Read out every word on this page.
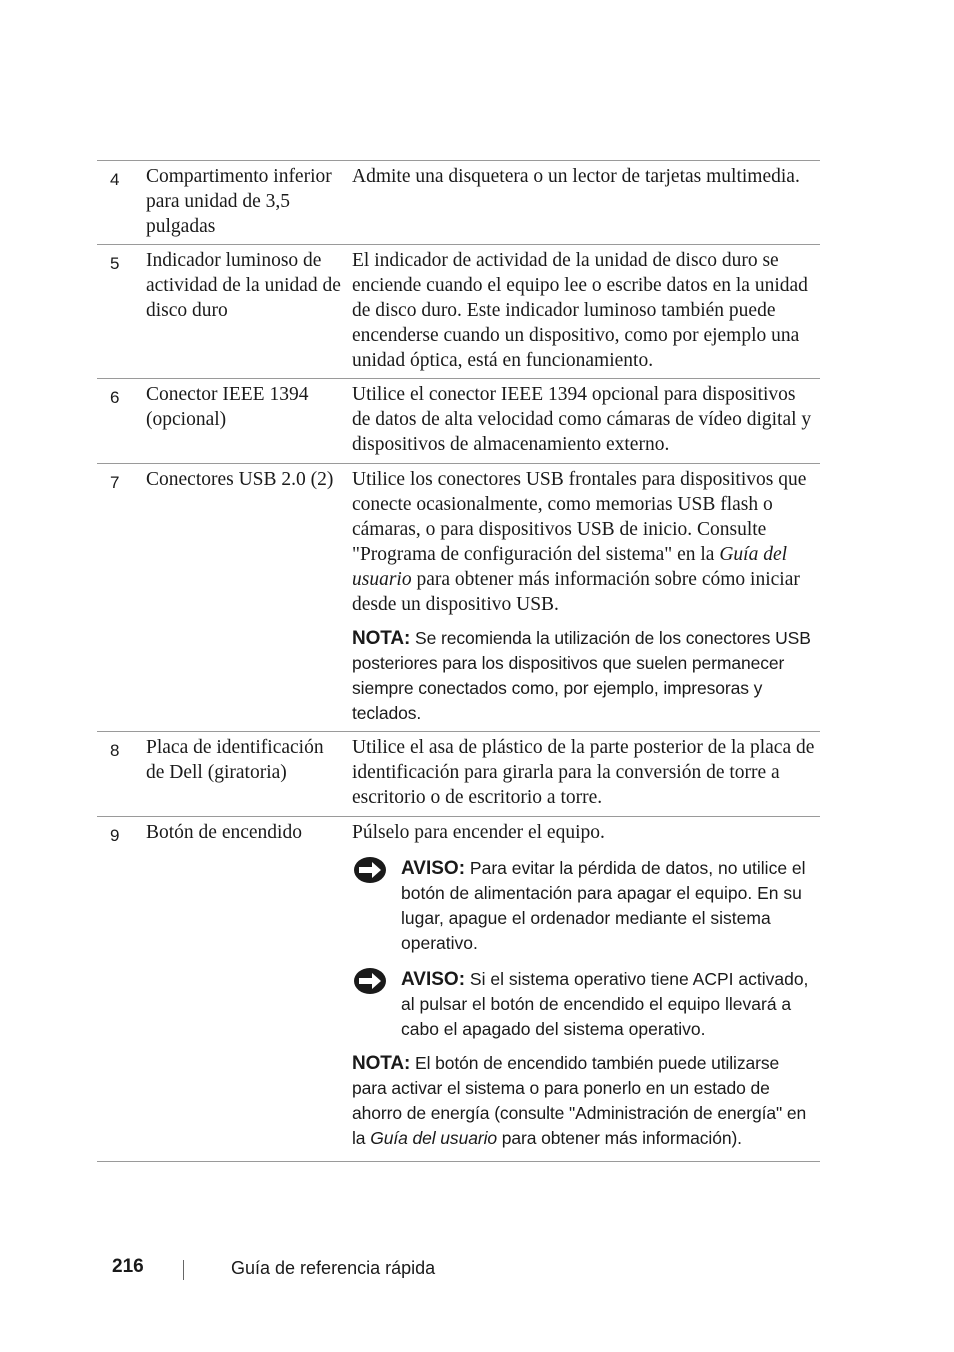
4 Compartimento inferior para unidad de 3,5 pulgadas

Admite una disquetera o un lector de tarjetas multimedia.

5 Indicador luminoso de actividad de la unidad de disco duro

El indicador de actividad de la unidad de disco duro se enciende cuando el equipo lee o escribe datos en la unidad de disco duro. Este indicador luminoso también puede encenderse cuando un dispositivo, como por ejemplo una unidad óptica, está en funcionamiento.

6 Conector IEEE 1394 (opcional)

Utilice el conector IEEE 1394 opcional para dispositivos de datos de alta velocidad como cámaras de vídeo digital y dispositivos de almacenamiento externo.

7 Conectores USB 2.0 (2) Utilice los conectores USB frontales para dispositivos que conecte ocasionalmente, como memorias USB flash o cámaras, o para dispositivos USB de inicio. Consulte "Programa de configuración del sistema" en la Guía del usuario para obtener más información sobre cómo iniciar desde un dispositivo USB.

NOTA: Se recomienda la utilización de los conectores USB posteriores para los dispositivos que suelen permanecer siempre conectados como, por ejemplo, impresoras y teclados.

8 Placa de identificación de Dell (giratoria)

Utilice el asa de plástico de la parte posterior de la placa de identificación para girarla para la conversión de torre a escritorio o de escritorio a torre.

9 Botón de encendido	Púlselo para encender el equipo.

AVISO: Para evitar la pérdida de datos, no utilice el botón de alimentación para apagar el equipo. En su lugar, apague el ordenador mediante el sistema operativo.
AVISO: Si el sistema operativo tiene ACPI activado, al pulsar el botón de encendido el equipo llevará a cabo el apagado del sistema operativo.

NOTA: El botón de encendido también puede utilizarse para activar el sistema o para ponerlo en un estado de ahorro de energía (consulte "Administración de energía" en la Guía del usuario para obtener más información).

216	Guía de referencia rápida
